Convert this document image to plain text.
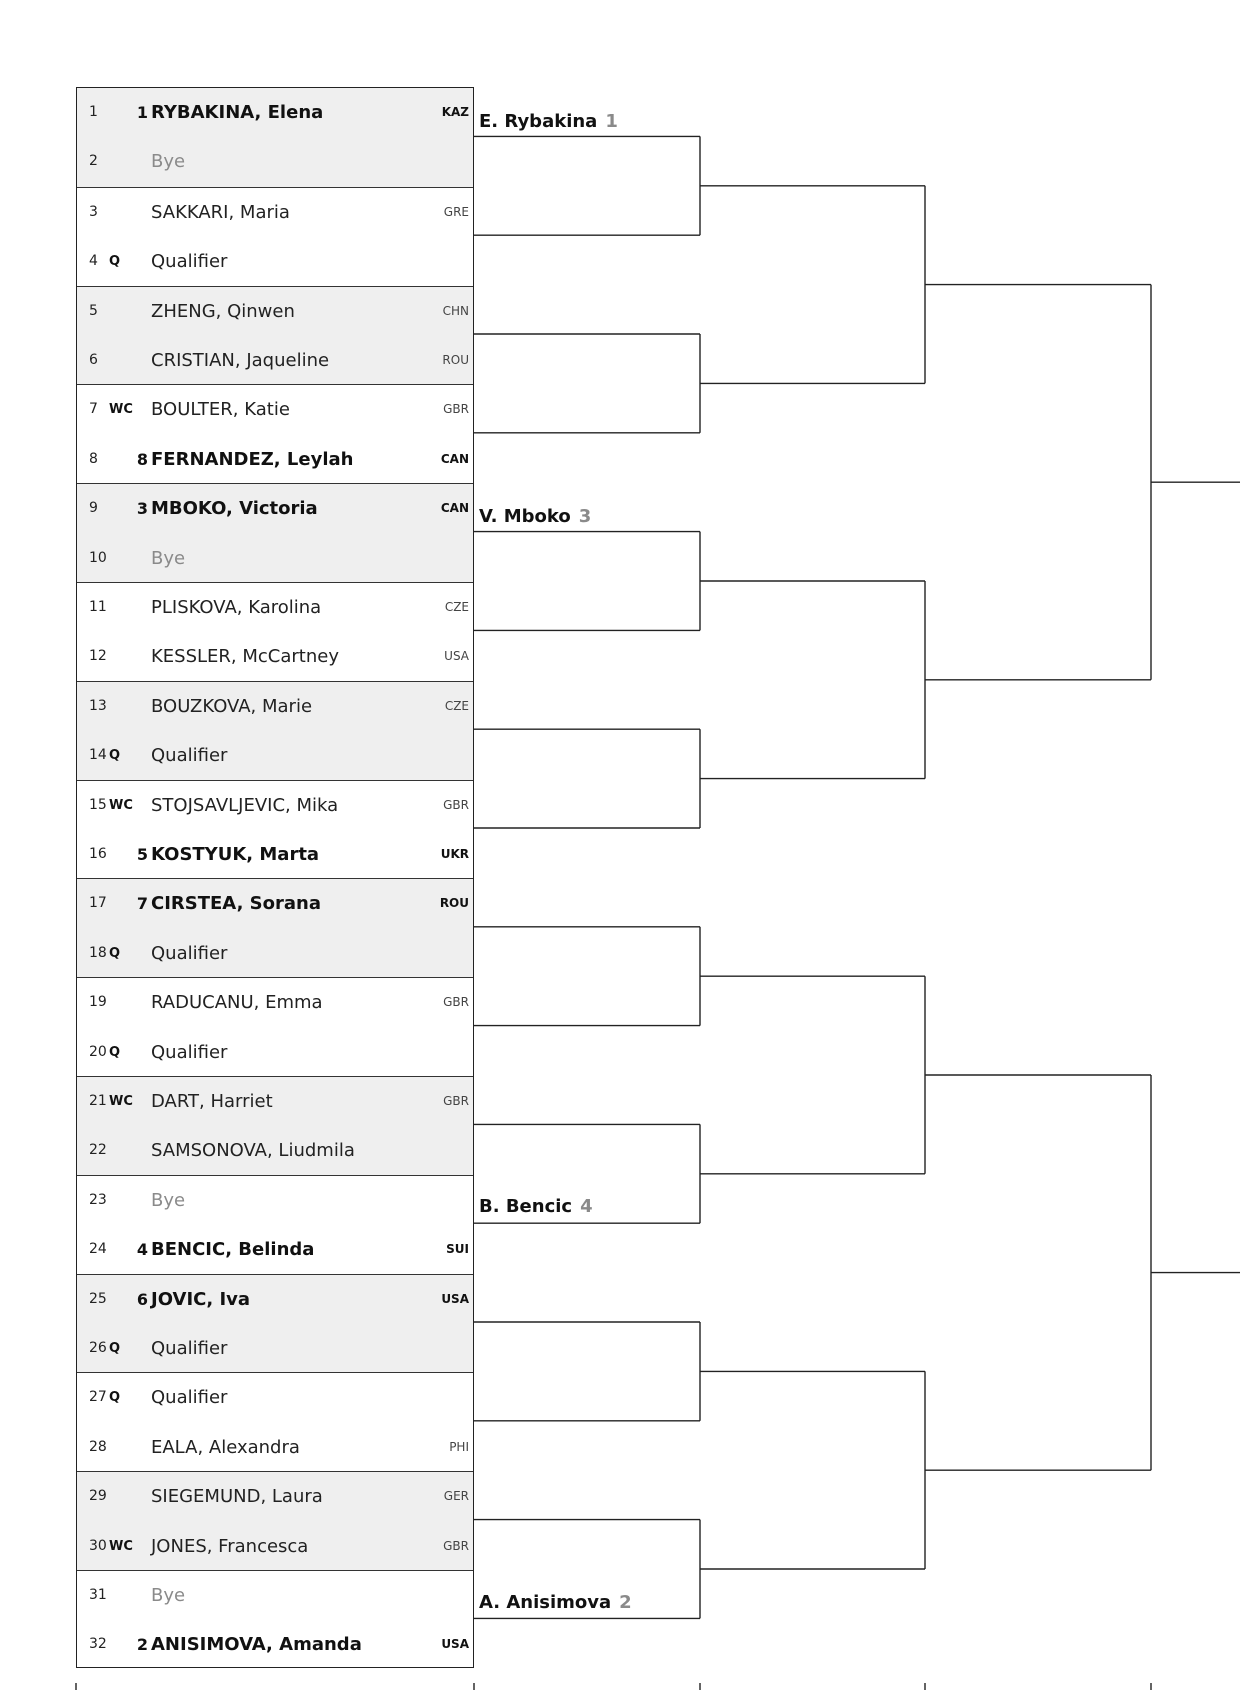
1	1 RYBAKINA, Elena	KAZ
2	Bye
3	SAKKARI, Maria	GRE
4 Q Qualifier
5	ZHENG, Qinwen	CHN
6	CRISTIAN, Jaqueline	ROU
7 WC BOULTER, Katie	GBR
8	8 FERNANDEZ, Leylah	CAN
9	3 MBOKO, Victoria	CAN
10 Bye
11 PLISKOVA, Karolina	CZE
12 KESSLER, McCartney	USA
13 BOUZKOVA, Marie	CZE
14 Q Qualifier
15 WC STOJSAVLJEVIC, Mika	GBR
16	5 KOSTYUK, Marta	UKR
17	7 CIRSTEA, Sorana	ROU
18 Q Qualifier
19 RADUCANU, Emma	GBR
20 Q Qualifier
21 WC DART, Harriet	GBR
22 SAMSONOVA, Liudmila
23 Bye
24	4 BENCIC, Belinda	SUI
25	6 JOVIC, Iva	USA
26 Q Qualifier
27 Q Qualifier
28 EALA, Alexandra	PHI
29 SIEGEMUND, Laura	GER
30 WC JONES, Francesca	GBR
31 Bye
32	2 ANISIMOVA, Amanda	USA
E. Rybakina 1
V. Mboko 3
B. Bencic 4
A. Anisimova 2
